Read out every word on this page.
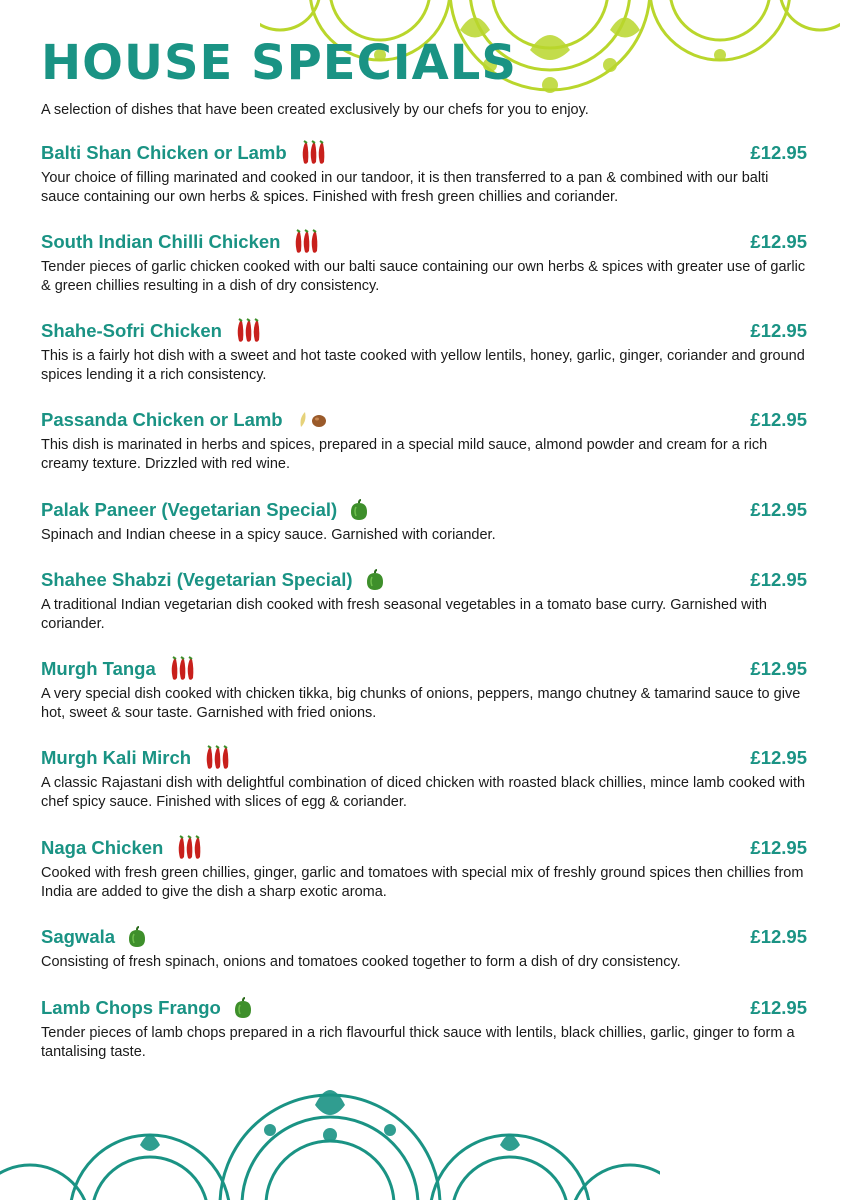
HOUSE SPECIALS
A selection of dishes that have been created exclusively by our chefs for you to enjoy.
Balti Shan Chicken or Lamb	£12.95
Your choice of filling marinated and cooked in our tandoor, it is then transferred to a pan & combined with our balti sauce containing our own herbs & spices. Finished with fresh green chillies and coriander.
South Indian Chilli Chicken	£12.95
Tender pieces of garlic chicken cooked with our balti sauce containing our own herbs & spices with greater use of garlic & green chillies resulting in a dish of dry consistency.
Shahe-Sofri Chicken	£12.95
This is a fairly hot dish with a sweet and hot taste cooked with yellow lentils, honey, garlic, ginger, coriander and ground spices lending it a rich consistency.
Passanda Chicken or Lamb	£12.95
This dish is marinated in herbs and spices, prepared in a special mild sauce, almond powder and cream for a rich creamy texture. Drizzled with red wine.
Palak Paneer (Vegetarian Special)	£12.95
Spinach and Indian cheese in a spicy sauce. Garnished with coriander.
Shahee Shabzi (Vegetarian Special)	£12.95
A traditional Indian vegetarian dish cooked with fresh seasonal vegetables in a tomato base curry. Garnished with coriander.
Murgh Tanga	£12.95
A very special dish cooked with chicken tikka, big chunks of onions, peppers, mango chutney & tamarind sauce to give hot, sweet & sour taste. Garnished with fried onions.
Murgh Kali Mirch	£12.95
A classic Rajastani dish with delightful combination of diced chicken with roasted black chillies, mince lamb cooked with chef spicy sauce. Finished with slices of egg & coriander.
Naga Chicken	£12.95
Cooked with fresh green chillies, ginger, garlic and tomatoes with special mix of freshly ground spices then chillies from India are added to give the dish a sharp exotic aroma.
Sagwala	£12.95
Consisting of fresh spinach, onions and tomatoes cooked together to form a dish of dry consistency.
Lamb Chops Frango	£12.95
Tender pieces of lamb chops prepared in a rich flavourful thick sauce with lentils, black chillies, garlic, ginger to form a tantalising taste.
